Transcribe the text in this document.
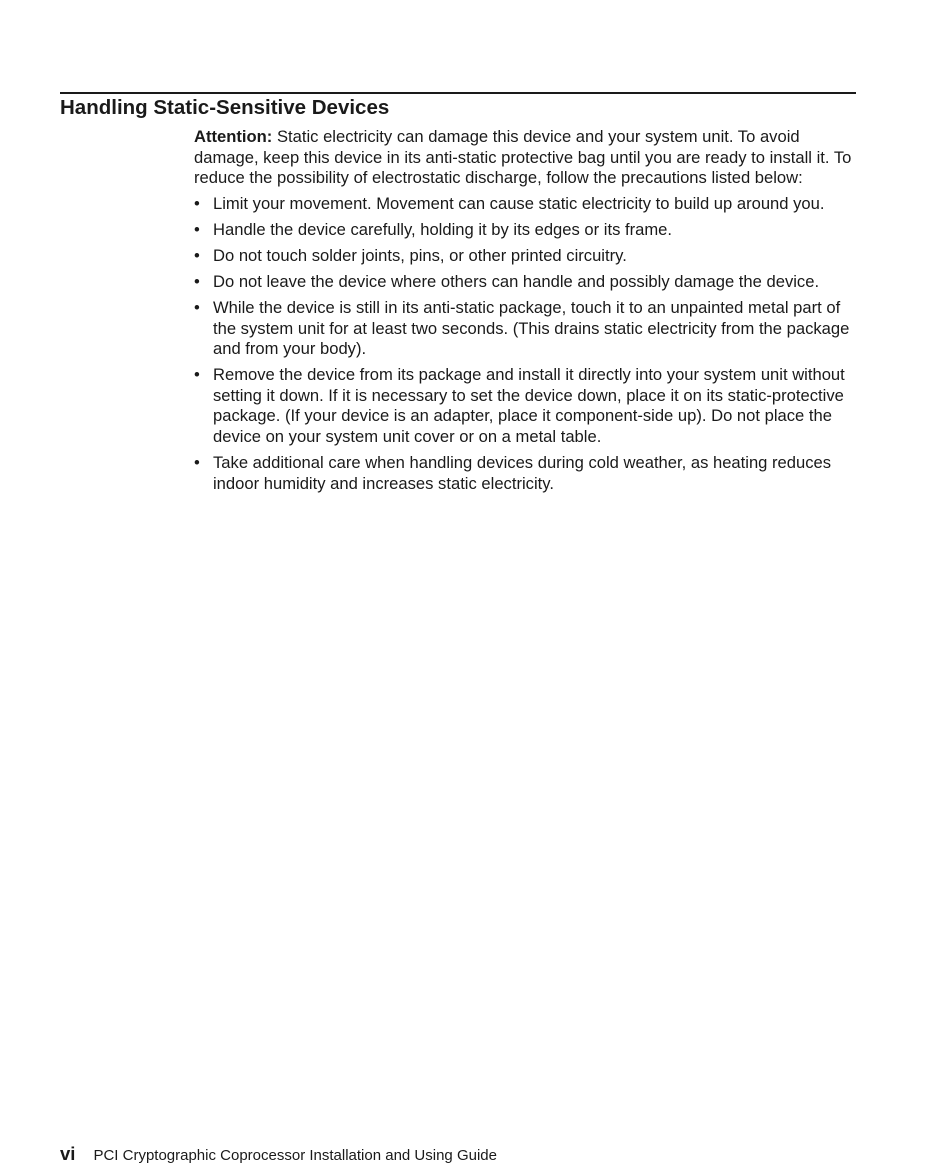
Handling Static-Sensitive Devices

Attention: Static electricity can damage this device and your system unit. To avoid damage, keep this device in its anti-static protective bag until you are ready to install it. To reduce the possibility of electrostatic discharge, follow the precautions listed below:

• Limit your movement. Movement can cause static electricity to build up around you.
• Handle the device carefully, holding it by its edges or its frame.
• Do not touch solder joints, pins, or other printed circuitry.
• Do not leave the device where others can handle and possibly damage the device.
• While the device is still in its anti-static package, touch it to an unpainted metal part of the system unit for at least two seconds. (This drains static electricity from the package and from your body).
• Remove the device from its package and install it directly into your system unit without setting it down. If it is necessary to set the device down, place it on its static-protective package. (If your device is an adapter, place it component-side up). Do not place the device on your system unit cover or on a metal table.
• Take additional care when handling devices during cold weather, as heating reduces indoor humidity and increases static electricity.
vi PCI Cryptographic Coprocessor Installation and Using Guide
